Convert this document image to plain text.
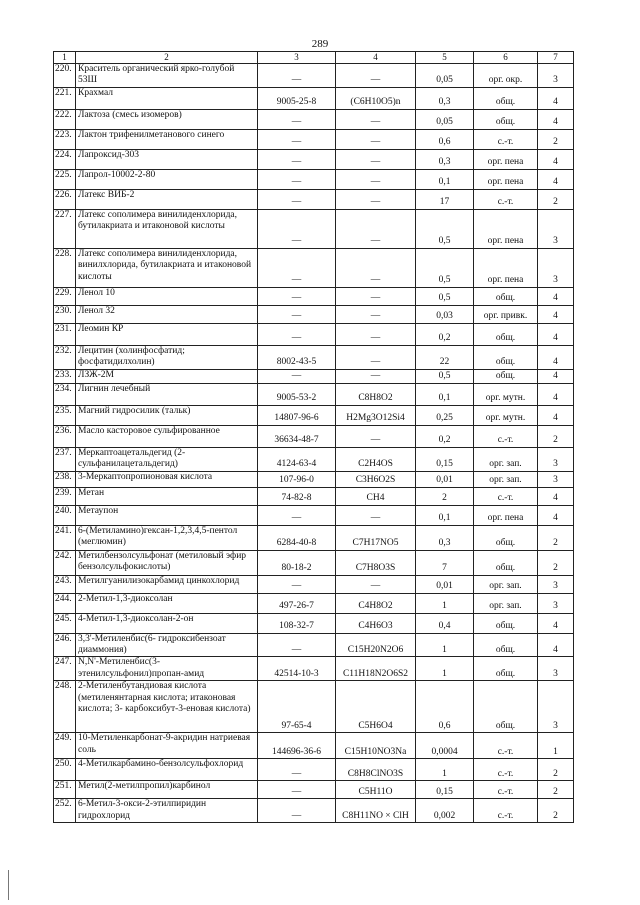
289
1	2	3	4	5	6	7
220.	Краситель органический ярко-голубой 53Ш	—	—	0,05	орг. окр.	3
221.	Крахмал	9005-25-8	(C6H10O5)n	0,3	общ.	4
222.	Лактоза (смесь изомеров)	—	—	0,05	общ.	4
223.	Лактон трифенилметанового синего	—	—	0,6	с.-т.	2
224.	Лапроксид-303	—	—	0,3	орг. пена	4
225.	Лапрол-10002-2-80	—	—	0,1	орг. пена	4
226.	Латекс ВИБ-2	—	—	17	с.-т.	2
227.	Латекс сополимера винилиденхлорида, бутилакриата и итаконовой кислоты	—	—	0,5	орг. пена	3
228.	Латекс сополимера винилиденхлорида, винилхлорида, бутилакриата и итаконовой кислоты	—	—	0,5	орг. пена	3
229.	Ленол 10	—	—	0,5	общ.	4
230.	Ленол 32	—	—	0,03	орг. привк.	4
231.	Леомин КР	—	—	0,2	общ.	4
232.	Лецитин (холинфосфатид; фосфатидилхолин)	8002-43-5	—	22	общ.	4
233.	ЛЗЖ-2М	—	—	0,5	общ.	4
234.	Лигнин лечебный	9005-53-2	C8H8O2	0,1	орг. мутн.	4
235.	Магний гидросилик (тальк)	14807-96-6	H2Mg3O12Si4	0,25	орг. мутн.	4
236.	Масло касторовое сульфированное	36634-48-7	—	0,2	с.-т.	2
237.	Меркаптоацетальдегид (2-сульфанилацетальдегид)	4124-63-4	C2H4OS	0,15	орг. зап.	3
238.	3-Меркаптопропионовая кислота	107-96-0	C3H6O2S	0,01	орг. зап.	3
239.	Метан	74-82-8	CH4	2	с.-т.	4
240.	Метаупон	—	—	0,1	орг. пена	4
241.	6-(Метиламино)гексан-1,2,3,4,5-пентол (меглюмин)	6284-40-8	C7H17NO5	0,3	общ.	2
242.	Метилбензолсульфонат (метиловый эфир бензолсульфокислоты)	80-18-2	C7H8O3S	7	общ.	2
243.	Метилгуанилизокарбамид цинкохлорид	—	—	0,01	орг. зап.	3
244.	2-Метил-1,3-диоксолан	497-26-7	C4H8O2	1	орг. зап.	3
245.	4-Метил-1,3-диоксолан-2-он	108-32-7	C4H6O3	0,4	общ.	4
246.	3,3'-Метиленбис(6- гидроксибензоат диаммония)	—	C15H20N2O6	1	общ.	4
247.	N,N'-Метиленбис(3-этенилсульфонил)пропан-амид	42514-10-3	C11H18N2O6S2	1	общ.	3
248.	2-Метиленбутандиовая кислота (метиленянтарная кислота; итаконовая кислота; 3- карбоксибут-3-еновая кислота)	97-65-4	C5H6O4	0,6	общ.	3
249.	10-Метиленкарбонат-9-акридин натриевая соль	144696-36-6	C15H10NO3Na	0,0004	с.-т.	1
250.	4-Метилкарбамино-бензолсульфохлорид	—	C8H8ClNO3S	1	с.-т.	2
251.	Метил(2-метилпропил)карбинол	—	C5H11O	0,15	с.-т.	2
252.	6-Метил-3-окси-2-этилпиридин гидрохлорид	—	C8H11NO × ClH	0,002	с.-т.	2
